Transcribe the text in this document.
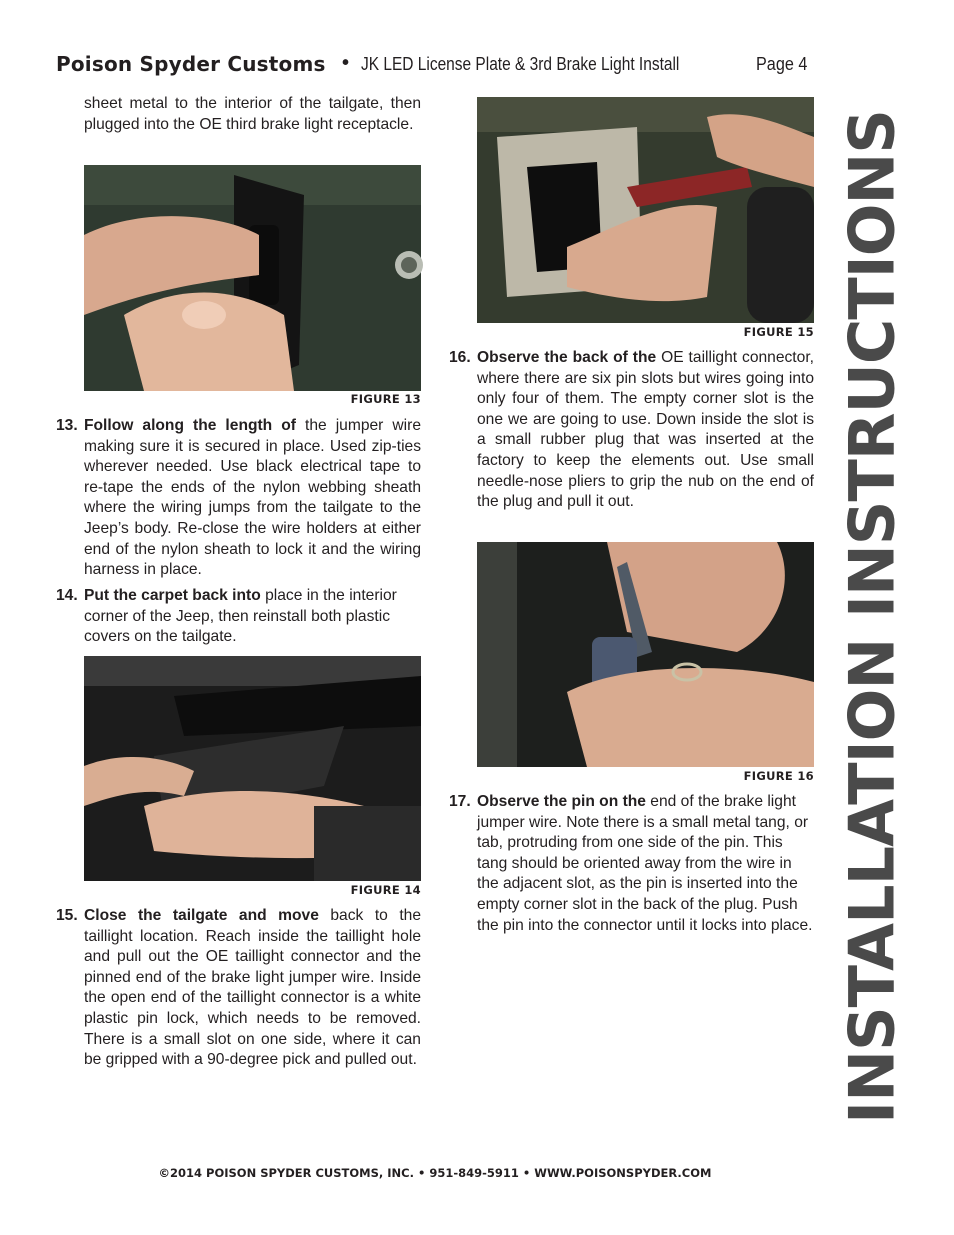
Poison Spyder Customs • JK LED License Plate & 3rd Brake Light Install	Page 4
INSTALLATION INSTRUCTIONS
sheet metal to the interior of the tailgate, then plugged into the OE third brake light receptacle.
FIGURE 13
13. Follow along the length of the jumper wire making sure it is secured in place. Used zip-ties wherever needed. Use black electrical tape to re-tape the ends of the nylon webbing sheath where the wiring jumps from the tailgate to the Jeep’s body. Re-close the wire holders at either end of the nylon sheath to lock it and the wiring harness in place.
14. Put the carpet back into place in the interior corner of the Jeep, then reinstall both plastic covers on the tailgate.
FIGURE 14
15. Close the tailgate and move back to the taillight location. Reach inside the taillight hole and pull out the OE taillight connector and the pinned end of the brake light jumper wire. Inside the open end of the taillight connector is a white plastic pin lock, which needs to be removed. There is a small slot on one side, where it can be gripped with a 90-degree pick and pulled out.
FIGURE 15
16. Observe the back of the OE taillight connector, where there are six pin slots but wires going into only four of them. The empty corner slot is the one we are going to use. Down inside the slot is a small rubber plug that was inserted at the factory to keep the elements out. Use small needle-nose pliers to grip the nub on the end of the plug and pull it out.
FIGURE 16
17. Observe the pin on the end of the brake light jumper wire. Note there is a small metal tang, or tab, protruding from one side of the pin. This tang should be oriented away from the wire in the adjacent slot, as the pin is inserted into the empty corner slot in the back of the plug. Push the pin into the connector until it locks into place.
©2014 POISON SPYDER CUSTOMS, INC. • 951-849-5911 • WWW.POISONSPYDER.COM
